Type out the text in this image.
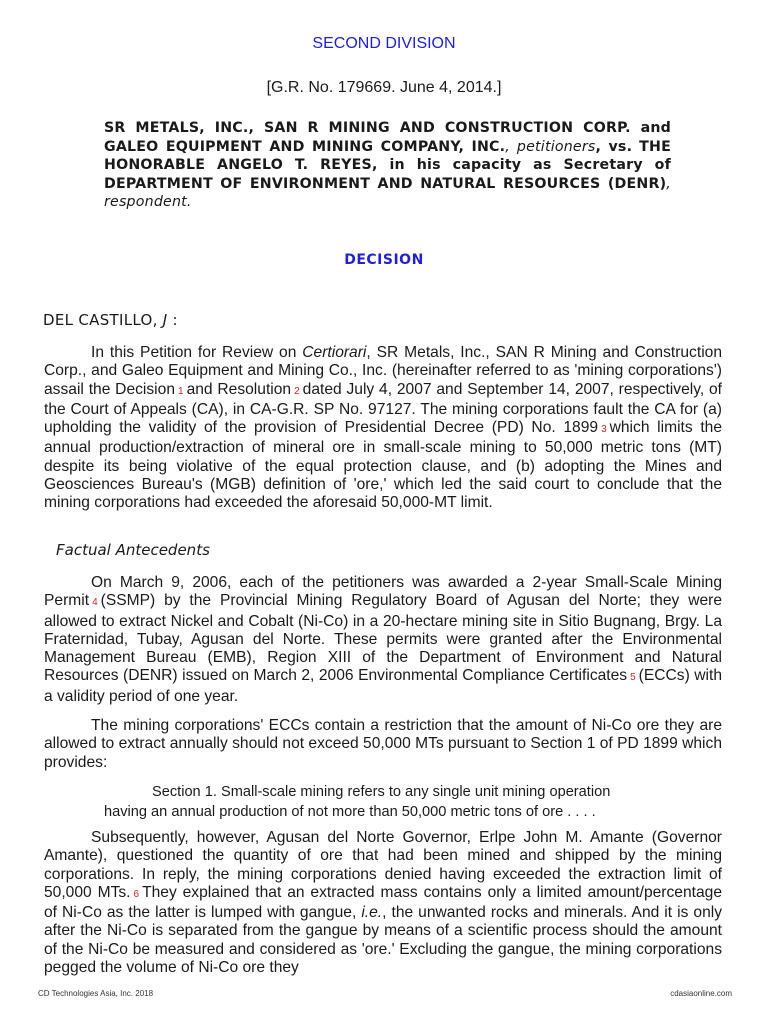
SECOND DIVISION
[G.R. No. 179669. June 4, 2014.]
SR METALS, INC., SAN R MINING AND CONSTRUCTION CORP. and GALEO EQUIPMENT AND MINING COMPANY, INC., petitioners, vs. THE HONORABLE ANGELO T. REYES, in his capacity as Secretary of DEPARTMENT OF ENVIRONMENT AND NATURAL RESOURCES (DENR), respondent.
DECISION
DEL CASTILLO, J :
In this Petition for Review on Certiorari, SR Metals, Inc., SAN R Mining and Construction Corp., and Galeo Equipment and Mining Co., Inc. (hereinafter referred to as 'mining corporations') assail the Decision 1 and Resolution 2 dated July 4, 2007 and September 14, 2007, respectively, of the Court of Appeals (CA), in CA-G.R. SP No. 97127. The mining corporations fault the CA for (a) upholding the validity of the provision of Presidential Decree (PD) No. 1899 3 which limits the annual production/extraction of mineral ore in small-scale mining to 50,000 metric tons (MT) despite its being violative of the equal protection clause, and (b) adopting the Mines and Geosciences Bureau's (MGB) definition of 'ore,' which led the said court to conclude that the mining corporations had exceeded the aforesaid 50,000-MT limit.
Factual Antecedents
On March 9, 2006, each of the petitioners was awarded a 2-year Small-Scale Mining Permit 4 (SSMP) by the Provincial Mining Regulatory Board of Agusan del Norte; they were allowed to extract Nickel and Cobalt (Ni-Co) in a 20-hectare mining site in Sitio Bugnang, Brgy. La Fraternidad, Tubay, Agusan del Norte. These permits were granted after the Environmental Management Bureau (EMB), Region XIII of the Department of Environment and Natural Resources (DENR) issued on March 2, 2006 Environmental Compliance Certificates 5 (ECCs) with a validity period of one year.
The mining corporations' ECCs contain a restriction that the amount of Ni-Co ore they are allowed to extract annually should not exceed 50,000 MTs pursuant to Section 1 of PD 1899 which provides:

Section 1. Small-scale mining refers to any single unit mining operation

having an annual production of not more than 50,000 metric tons of ore . . . .

Subsequently, however, Agusan del Norte Governor, Erlpe John M. Amante (Governor Amante), questioned the quantity of ore that had been mined and shipped by the mining corporations. In reply, the mining corporations denied having exceeded the extraction limit of 50,000 MTs. 6 They explained that an extracted mass contains only a limited amount/percentage of Ni-Co as the latter is lumped with gangue, i.e., the unwanted rocks and minerals. And it is only after the Ni-Co is separated from the gangue by means of a scientific process should the amount of the Ni-Co be measured and considered as 'ore.' Excluding the gangue, the mining corporations pegged the volume of Ni-Co ore they
CD Technologies Asia, Inc. 2018	cdasiaonline.com
